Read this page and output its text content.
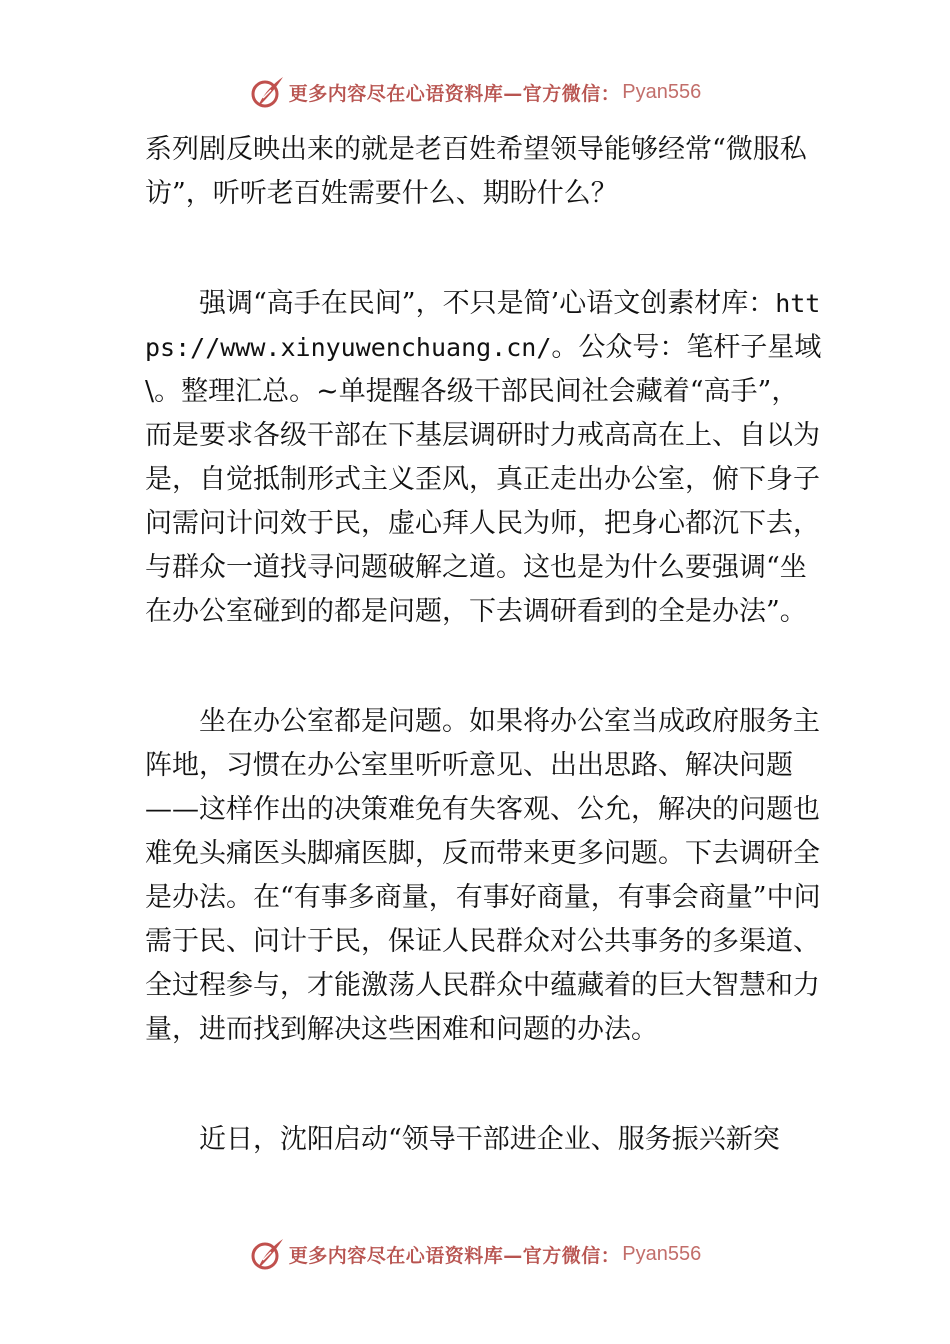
更多内容尽在心语资料库—官方微信： Pyan556

系列剧反映出来的就是老百姓希望领导能够经常“微服私访”，听听老百姓需要什么、期盼什么？

强调“高手在民间”，不只是简’心语文创素材库：https://www.xinyuwenchuang.cn/。公众号：笔杆子星域\。整理汇总。~单提醒各级干部民间社会藏着“高手”，而是要求各级干部在下基层调研时力戒高高在上、自以为是，自觉抵制形式主义歪风，真正走出办公室，俯下身子问需问计问效于民，虚心拜人民为师，把身心都沉下去，与群众一道找寻问题破解之道。这也是为什么要强调“坐在办公室碰到的都是问题，下去调研看到的全是办法”。

坐在办公室都是问题。如果将办公室当成政府服务主阵地，习惯在办公室里听听意见、出出思路、解决问题——这样作出的决策难免有失客观、公允，解决的问题也难免头痛医头脚痛医脚，反而带来更多问题。下去调研全是办法。在“有事多商量，有事好商量，有事会商量”中问需于民、问计于民，保证人民群众对公共事务的多渠道、全过程参与，才能激荡人民群众中蕴藏着的巨大智慧和力量，进而找到解决这些困难和问题的办法。

近日，沈阳启动“领导干部进企业、服务振兴新突

更多内容尽在心语资料库—官方微信： Pyan556
